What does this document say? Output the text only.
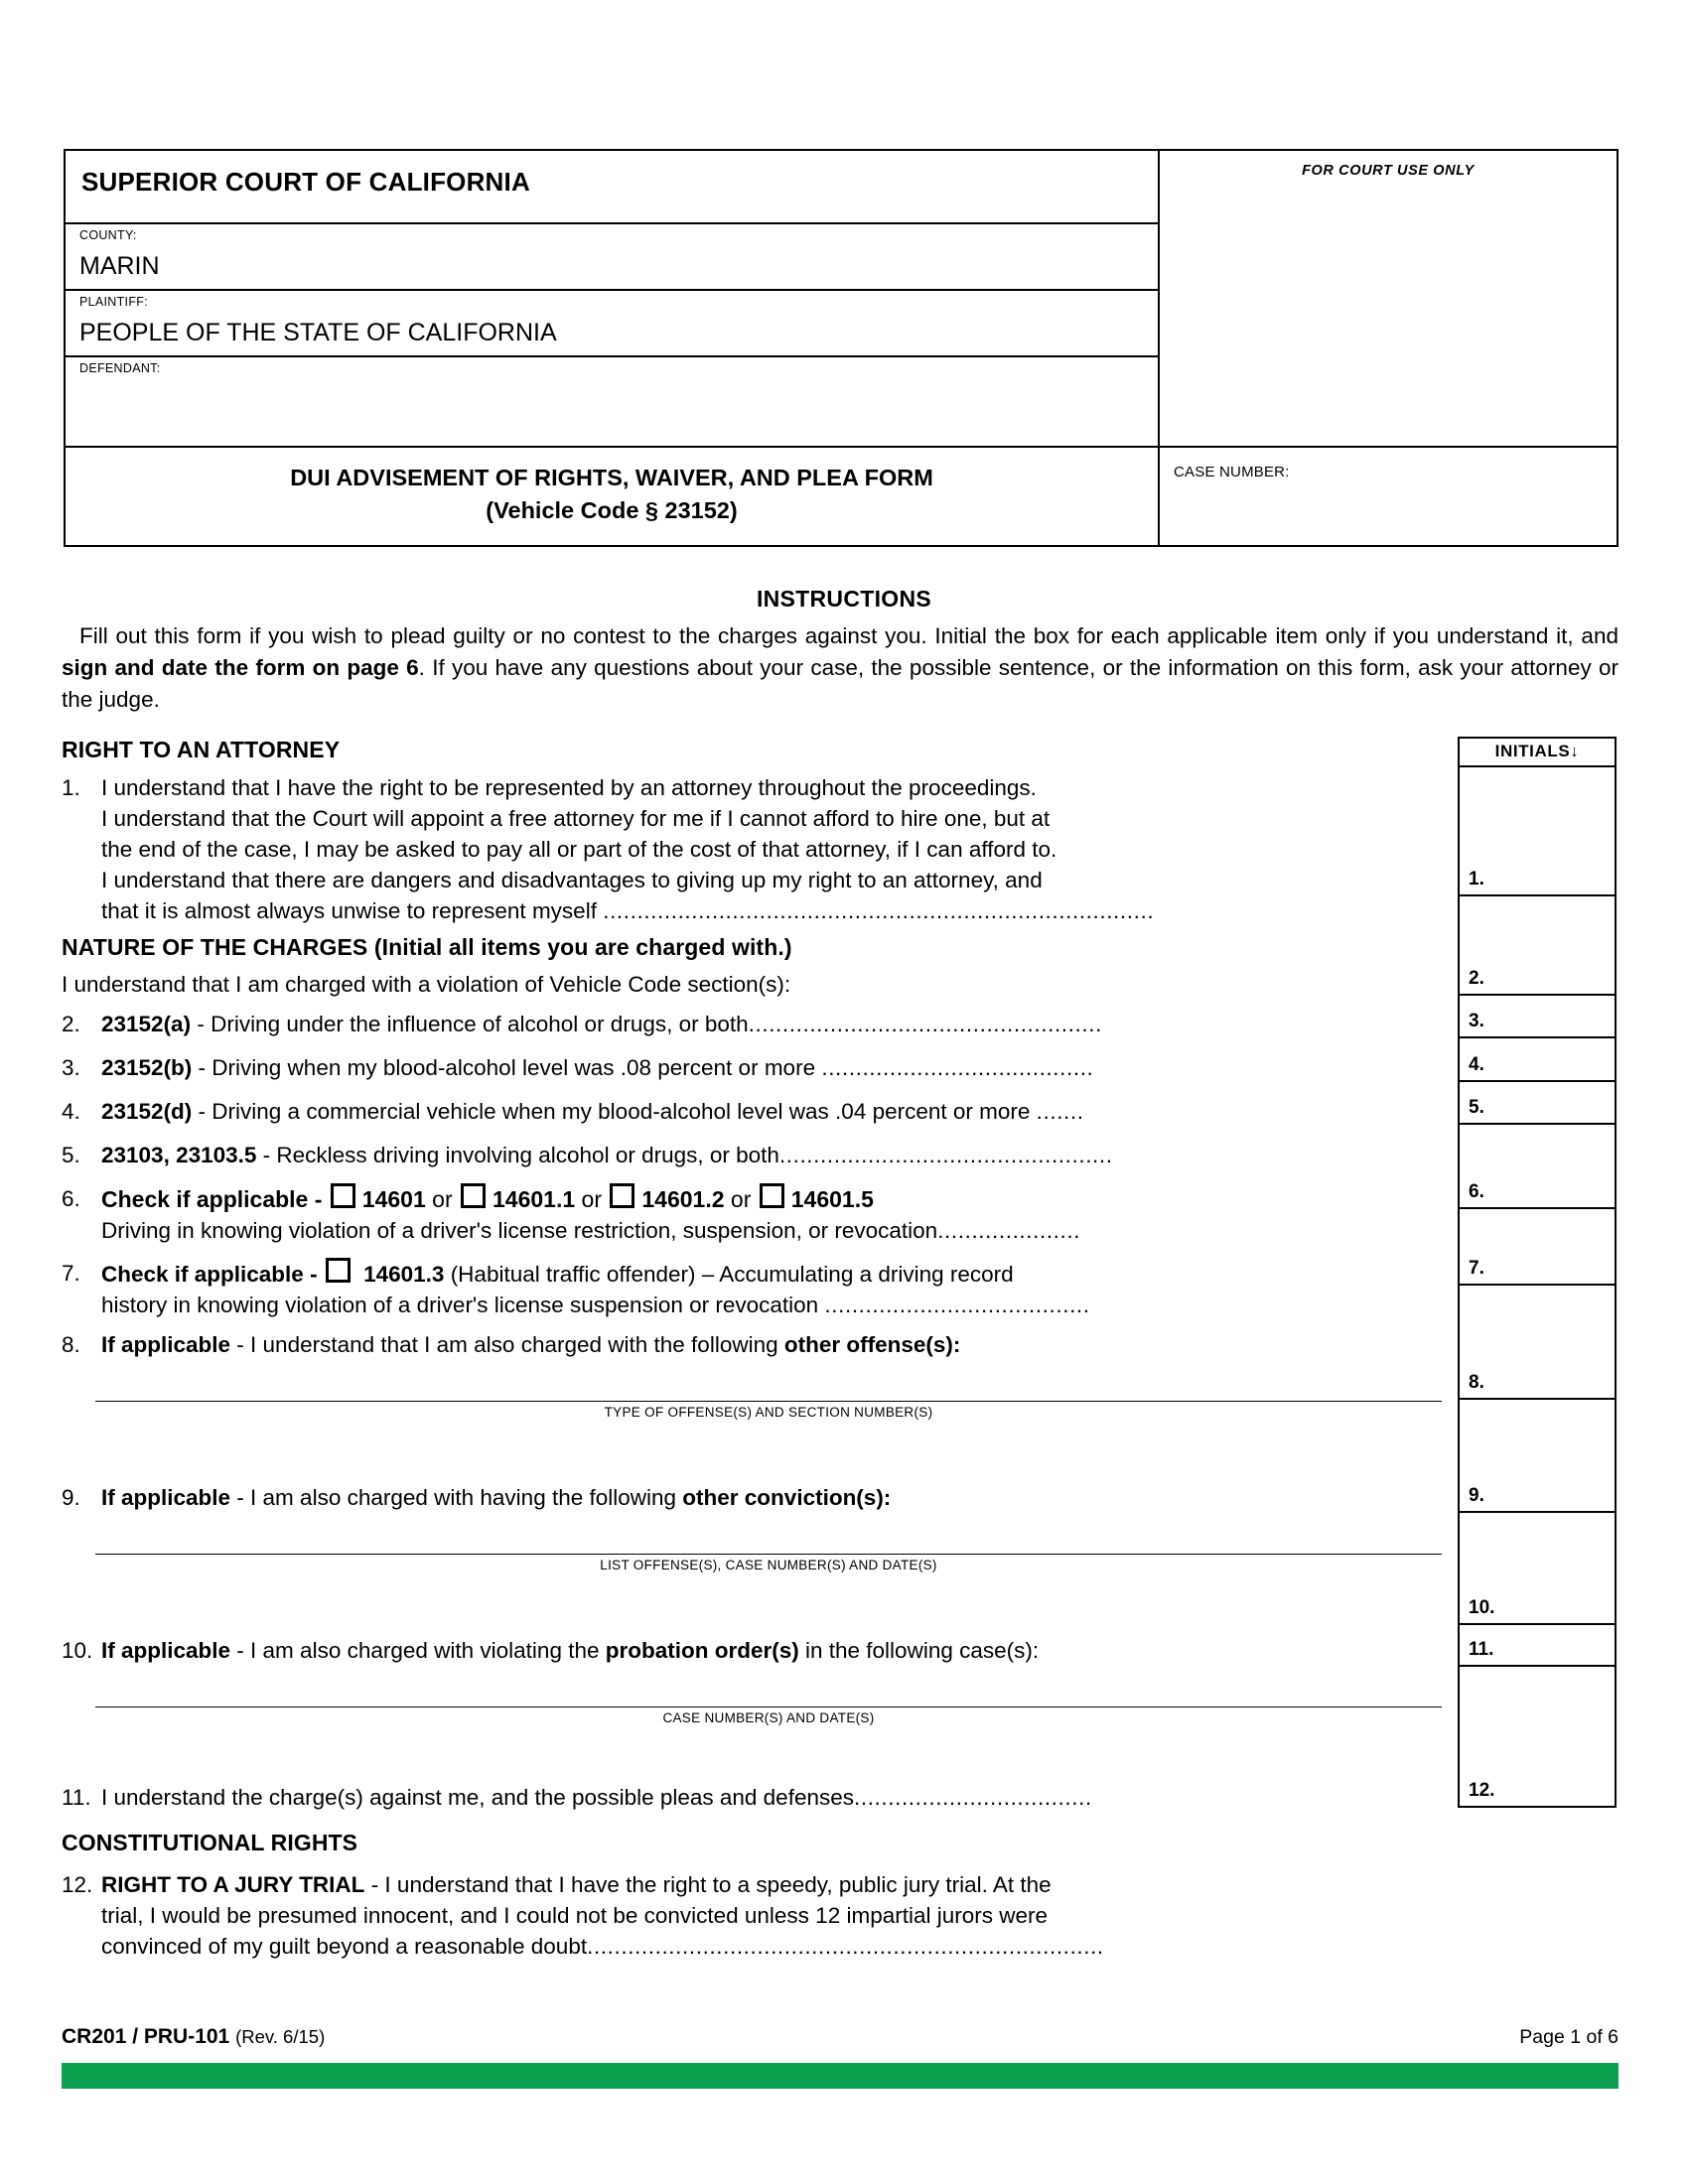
SUPERIOR COURT OF CALIFORNIA	FOR COURT USE ONLY

COUNTY:
MARIN	

PLAINTIFF:
PEOPLE OF THE STATE OF CALIFORNIA	

DEFENDANT:	

DUI ADVISEMENT OF RIGHTS, WAIVER, AND PLEA FORM
(Vehicle Code § 23152)	CASE NUMBER:
INSTRUCTIONS
Fill out this form if you wish to plead guilty or no contest to the charges against you. Initial the box for each applicable item only if you understand it, and sign and date the form on page 6. If you have any questions about your case, the possible sentence, or the information on this form, ask your attorney or the judge.
RIGHT TO AN ATTORNEY
1. I understand that I have the right to be represented by an attorney throughout the proceedings.
I understand that the Court will appoint a free attorney for me if I cannot afford to hire one, but at
the end of the case, I may be asked to pay all or part of the cost of that attorney, if I can afford to.
I understand that there are dangers and disadvantages to giving up my right to an attorney, and
that it is almost always unwise to represent myself .................................................................................
NATURE OF THE CHARGES (Initial all items you are charged with.)
I understand that I am charged with a violation of Vehicle Code section(s):
2. 23152(a) - Driving under the influence of alcohol or drugs, or both....................................................
3. 23152(b) - Driving when my blood-alcohol level was .08 percent or more ........................................
4. 23152(d) - Driving a commercial vehicle when my blood-alcohol level was .04 percent or more .......
5. 23103, 23103.5 - Reckless driving involving alcohol or drugs, or both.................................................
6. Check if applicable - 14601 or 14601.1 or 14601.2 or 14601.5
Driving in knowing violation of a driver's license restriction, suspension, or revocation.....................
7. Check if applicable -  14601.3 (Habitual traffic offender) – Accumulating a driving record
history in knowing violation of a driver's license suspension or revocation .......................................
8. If applicable - I understand that I am also charged with the following other offense(s):
TYPE OF OFFENSE(S) AND SECTION NUMBER(S)
9. If applicable - I am also charged with having the following other conviction(s):
LIST OFFENSE(S), CASE NUMBER(S) AND DATE(S)
10. If applicable - I am also charged with violating the probation order(s) in the following case(s):
CASE NUMBER(S) AND DATE(S)
11. I understand the charge(s) against me, and the possible pleas and defenses...................................
CONSTITUTIONAL RIGHTS
12. RIGHT TO A JURY TRIAL - I understand that I have the right to a speedy, public jury trial. At the
trial, I would be presumed innocent, and I could not be convicted unless 12 impartial jurors were
convinced of my guilt beyond a reasonable doubt............................................................................
INITIALS↓
1.
2.
3.
4.
5.
6.
7.
8.
9.
10.
11.
12.
CR201 / PRU-101 (Rev. 6/15)	Page 1 of 6
